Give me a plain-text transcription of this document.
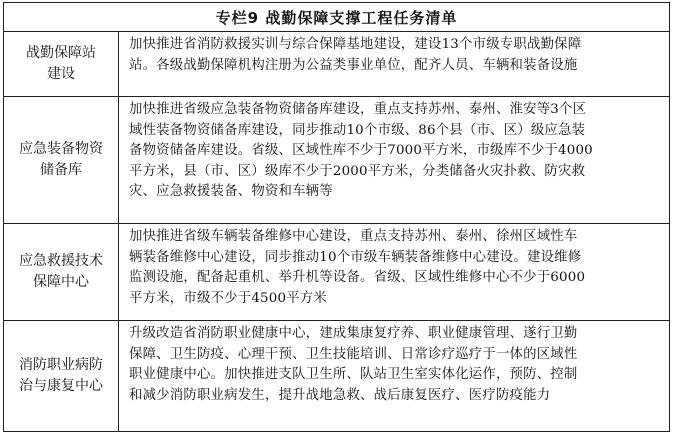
专栏9 战勤保障支撑工程任务清单
战勤保障站
建设
加快推进省消防救援实训与综合保障基地建设，建设13个市级专职战勤保障
站。各级战勤保障机构注册为公益类事业单位，配齐人员、车辆和装备设施
应急装备物资
储备库
加快推进省级应急装备物资储备库建设，重点支持苏州、泰州、淮安等3个区
域性装备物资储备库建设，同步推动10个市级、86个县（市、区）级应急装
备物资储备库建设。省级、区域性库不少于7000平方米，市级库不少于4000
平方米，县（市、区）级库不少于2000平方米，分类储备火灾扑救、防灾救
灾、应急救援装备、物资和车辆等
应急救援技术
保障中心
加快推进省级车辆装备维修中心建设，重点支持苏州、泰州、徐州区域性车
辆装备维修中心建设，同步推动10个市级车辆装备维修中心建设。建设维修
监测设施，配备起重机、举升机等设备。省级、区域性维修中心不少于6000
平方米，市级不少于4500平方米
消防职业病防
治与康复中心
升级改造省消防职业健康中心，建成集康复疗养、职业健康管理、遂行卫勤
保障、卫生防疫、心理干预、卫生技能培训、日常诊疗巡疗于一体的区域性
职业健康中心。加快推进支队卫生所、队站卫生室实体化运作，预防、控制
和减少消防职业病发生，提升战地急救、战后康复医疗、医疗防疫能力
